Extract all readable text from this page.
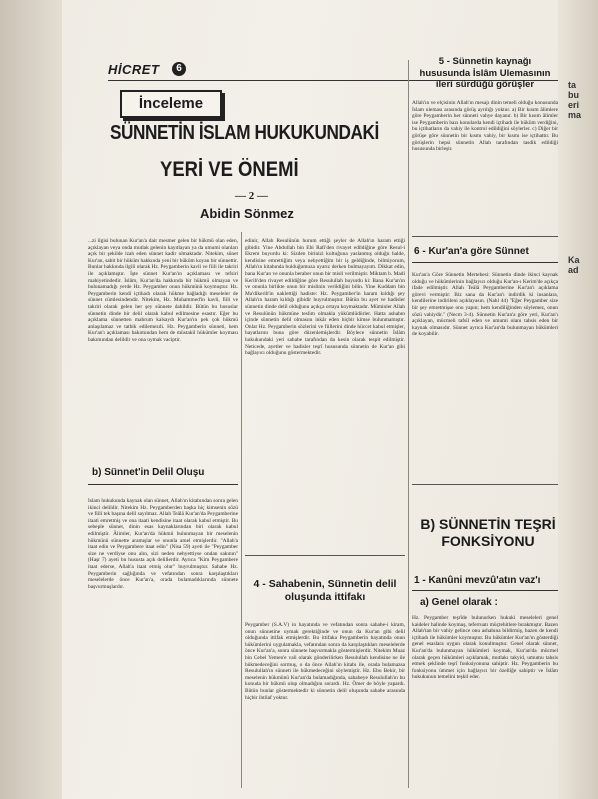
HİCRET	6
İnceleme
SÜNNETİN İSLAM HUKUKUNDAKİ
YERİ VE ÖNEMİ
— 2 —
Abidin Sönmez

...zi ilgisi bulunan Kur'an'a dair mesmer gelen bir hükmü olan eden, açıklayan veya onda mutlak gelenin kayıtlayan ya da umumi olanları açık bir şekilde izah eden sünnet kadir olmaktadır. Nitekim, sünet Kur'an, sabit bir hüküm hakkında yeni bir hüküm koyan bir sünnettir. Bunlar hakkında ilgili olarak Hz. Peygamberin kavli ve fiili ile takriri ile açıklamıştır. İşte sünnet Kur'an'ın açıklaması ve tefsiri mahiyetindedir. İslâm, Kur'an'da hakkında bir hükmü olmayan ve bulunamadığı yerde Hz. Peygamber onun hükmünü koymuştur. Hz. Peygamberin kendi içtihadı olarak hükme bağladığı meseleler de sünnet cümlesindendir. Nitekim, Hz. Muhammed'in kavli, fiili ve takriri olarak gelen her şey sünnete dahildir. Bütün bu hususlar sünnetin dinde bir delil olarak kabul edilmesine esastır. Eğer bu açıklama sünnetten mahrum kalsaydı Kur'an'ın pek çok hükmü anlaşılamaz ve tatbik edilemezdi. Hz. Peygamberin sünneti, hem Kur'an'ı açıklaması bakımından hem de müstakil hükümler koyması bakımından delildir ve ona uymak vaciptir.

b) Sünnet'in Delil Oluşu

İslam hukukunda kaynak olan sünnet, Allah'ın kitabından sonra gelen ikinci delildir. Nitekim Hz. Peygamberden başka hiç kimsenin sözü ve fiili tek başına delil sayılmaz. Allah Teâlâ Kur'an'da Peygamberine itaati emretmiş ve ona itaati kendisine itaat olarak kabul etmiştir. Bu sebeple sünnet, dinin esas kaynaklarından biri olarak kabul edilmiştir. Âlimler, Kur'an'da hükmü bulunmayan bir meselenin hükmünü sünnette aramışlar ve onunla amel etmişlerdir. "Allah'a itaat edin ve Peygambere itaat edin" (Nisa 59) ayeti ile "Peygamber size ne verdiyse onu alın, sizi neden nehyettiyse ondan sakının" (Haşr 7) ayeti bu hususta açık delillerdir. Ayrıca "Kim Peygambere itaat ederse, Allah'a itaat etmiş olur" buyrulmuştur. Sahabe Hz. Peygamberin sağlığında ve vefatından sonra karşılaştıkları meselelerde önce Kur'an'a, orada bulamadıklarında sünnete başvurmuşlardır.

edinir, Allah Resulünün hurum ettiği şeyler de Allah'ın haram ettiği gibidir. Yine Abdullah bin Ebi Rafi'den rivayet edildiğine göre Resul-i Ekrem buyurdu ki: Sizden birinizi koltuğuna yaslanmış olduğu halde, kendisine emrettiğim veya nehyettiğim bir iş geldiğinde, bilmiyorum, Allah'ın kitabında bulduğumuza uyarız derken bulmayayım. Dikkat edin, bana Kur'an ve onunla beraber onun bir misli verilmiştir. Miktam b. Madi Kerib'den rivayet edildiğine göre Resulullah buyurdu ki: Bana Kur'an'ın ve onunla birlikte onun bir mislinin verildiğini bilin. Yine Kuddam bin Ma'dikerib'in naklettiği hadiste: Hz. Peygamber'in haram kıldığı şey Allah'ın haram kıldığı gibidir buyrulmuştur. Bütün bu ayet ve hadisler sünnetin dinde delil olduğunu açıkça ortaya koymaktadır. Müminler Allah ve Resulünün hükmüne teslim olmakla yükümlüdürler. Hatta ashabın içinde sünnetin delil olmasını inkâr eden hiçbir kimse bulunmamıştır. Onlar Hz. Peygamberin sözlerini ve fiillerini dinde hüccet kabul etmişler, hayatlarını buna göre düzenlemişlerdir. Böylece sünnetin İslâm hukukundaki yeri sahabe tarafından da kesin olarak tespit edilmiştir. Neticede, ayetler ve hadisler teşrî hususunda sünnetin de Kur'an gibi bağlayıcı olduğunu göstermektedir.

4 - Sahabenin, Sünnetin delil oluşunda ittifakı

Peygamber (S.A.V) in hayatında ve vefatından sonra sahabe-i kiram, onun sünnetine uymak gerektiğinde ve onun da Kur'an gibi delil olduğunda ittifak etmişlerdir. Bu ittifaka Peygamberin hayatında onun hükümlerini uygulamakla, vefatından sonra da karşılaştıkları meselelerde önce Kur'an'a, sonra sünnete başvurmakla göstermişlerdir. Nitekim Muaz bin Cebel Yemen'e vali olarak gönderilirken Resulullah kendisine ne ile hükmedeceğini sormuş, o da önce Allah'ın kitabı ile, orada bulamazsa Resulullah'ın sünneti ile hükmedeceğini söylemiştir. Hz. Ebu Bekir, bir meselenin hükmünü Kur'an'da bulamadığında, sahabeye Resulullah'ın bu konuda bir hükmü olup olmadığını sorardı. Hz. Ömer de böyle yapardı. Bütün bunlar göstermektedir ki sünnetin delil oluşunda sahabe arasında hiçbir ihtilaf yoktur.

5 - Sünnetin kaynağı hususunda İslâm Ulemasının ileri sürdüğü görüşler

Allah'ın ve elçisinin Allah'ın mesajı dinin temeli olduğu konusunda İslam uleması arasında görüş ayrılığı yoktur. a) Bir kısım âlimlere göre Peygamberin her sünneti vahye dayanır. b) Bir kısım âlimler ise Peygamberin bazı konularda kendi içtihadı ile hüküm verdiğini, bu içtihatların da vahiy ile kontrol edildiğini söylerler. c) Diğer bir görüşe göre sünnetin bir kısmı vahiy, bir kısmı ise içtihattır. Bu görüşlerin hepsi sünnetin Allah tarafından tasdik edildiği hususunda birleşir.

6 - Kur'an'a göre Sünnet

Kur'an'a Göre Sünnetin Mertebesi: Sünnetin dinde ikinci kaynak olduğu ve hükümlerinin bağlayıcı olduğu Kur'an-ı Kerim'de açıkça ifade edilmiştir. Allah Teâlâ Peygamberine Kur'an'ı açıklama görevi vermiştir: Biz sana da Kur'an'ı indirdik ki insanlara, kendilerine indirileni açıklayasın. (Nahl 44) "Eğer Peygamber size bir şey emretmişse onu yapın; hem kendiliğinden söylemez, onun sözü vahiydir." (Necm 3-4). Sünnetin Kur'an'a göre yeri, Kur'an'ı açıklayan, mücmeli tafsil eden ve umumi olanı tahsis eden bir kaynak olmasıdır. Sünnet ayrıca Kur'an'da bulunmayan hükümleri de koyabilir.

B) SÜNNETİN TEŞRİ FONKSİYONU
1 - Kanûni mevzû'atın vaz'ı
a) Genel olarak :

Hz. Peygamber teşrîde bulunurken hukuki meseleleri genel kaideler halinde koymuş, teferruatı müçtehitlere bırakmıştır. Bazen Allah'tan bir vahiy gelince onu ashabına bildirmiş, bazen de kendi içtihadı ile hükümler koymuştur. Bu hükümler Kur'an'ın gösterdiği genel esaslara uygun olarak konulmuştur. Genel olarak sünnet, Kur'an'da bulunmayan hükümleri koymak, Kur'an'da mücmel olarak geçen hükümleri açıklamak, mutlakı takyid, umumu tahsis etmek şeklinde teşrî fonksiyonuna sahiptir. Hz. Peygamberin bu fonksiyonu ümmet için bağlayıcı bir özelliğe sahiptir ve İslâm hukukunun temelini teşkil eder.

ta
bu
eri
ma
Ka
ad
